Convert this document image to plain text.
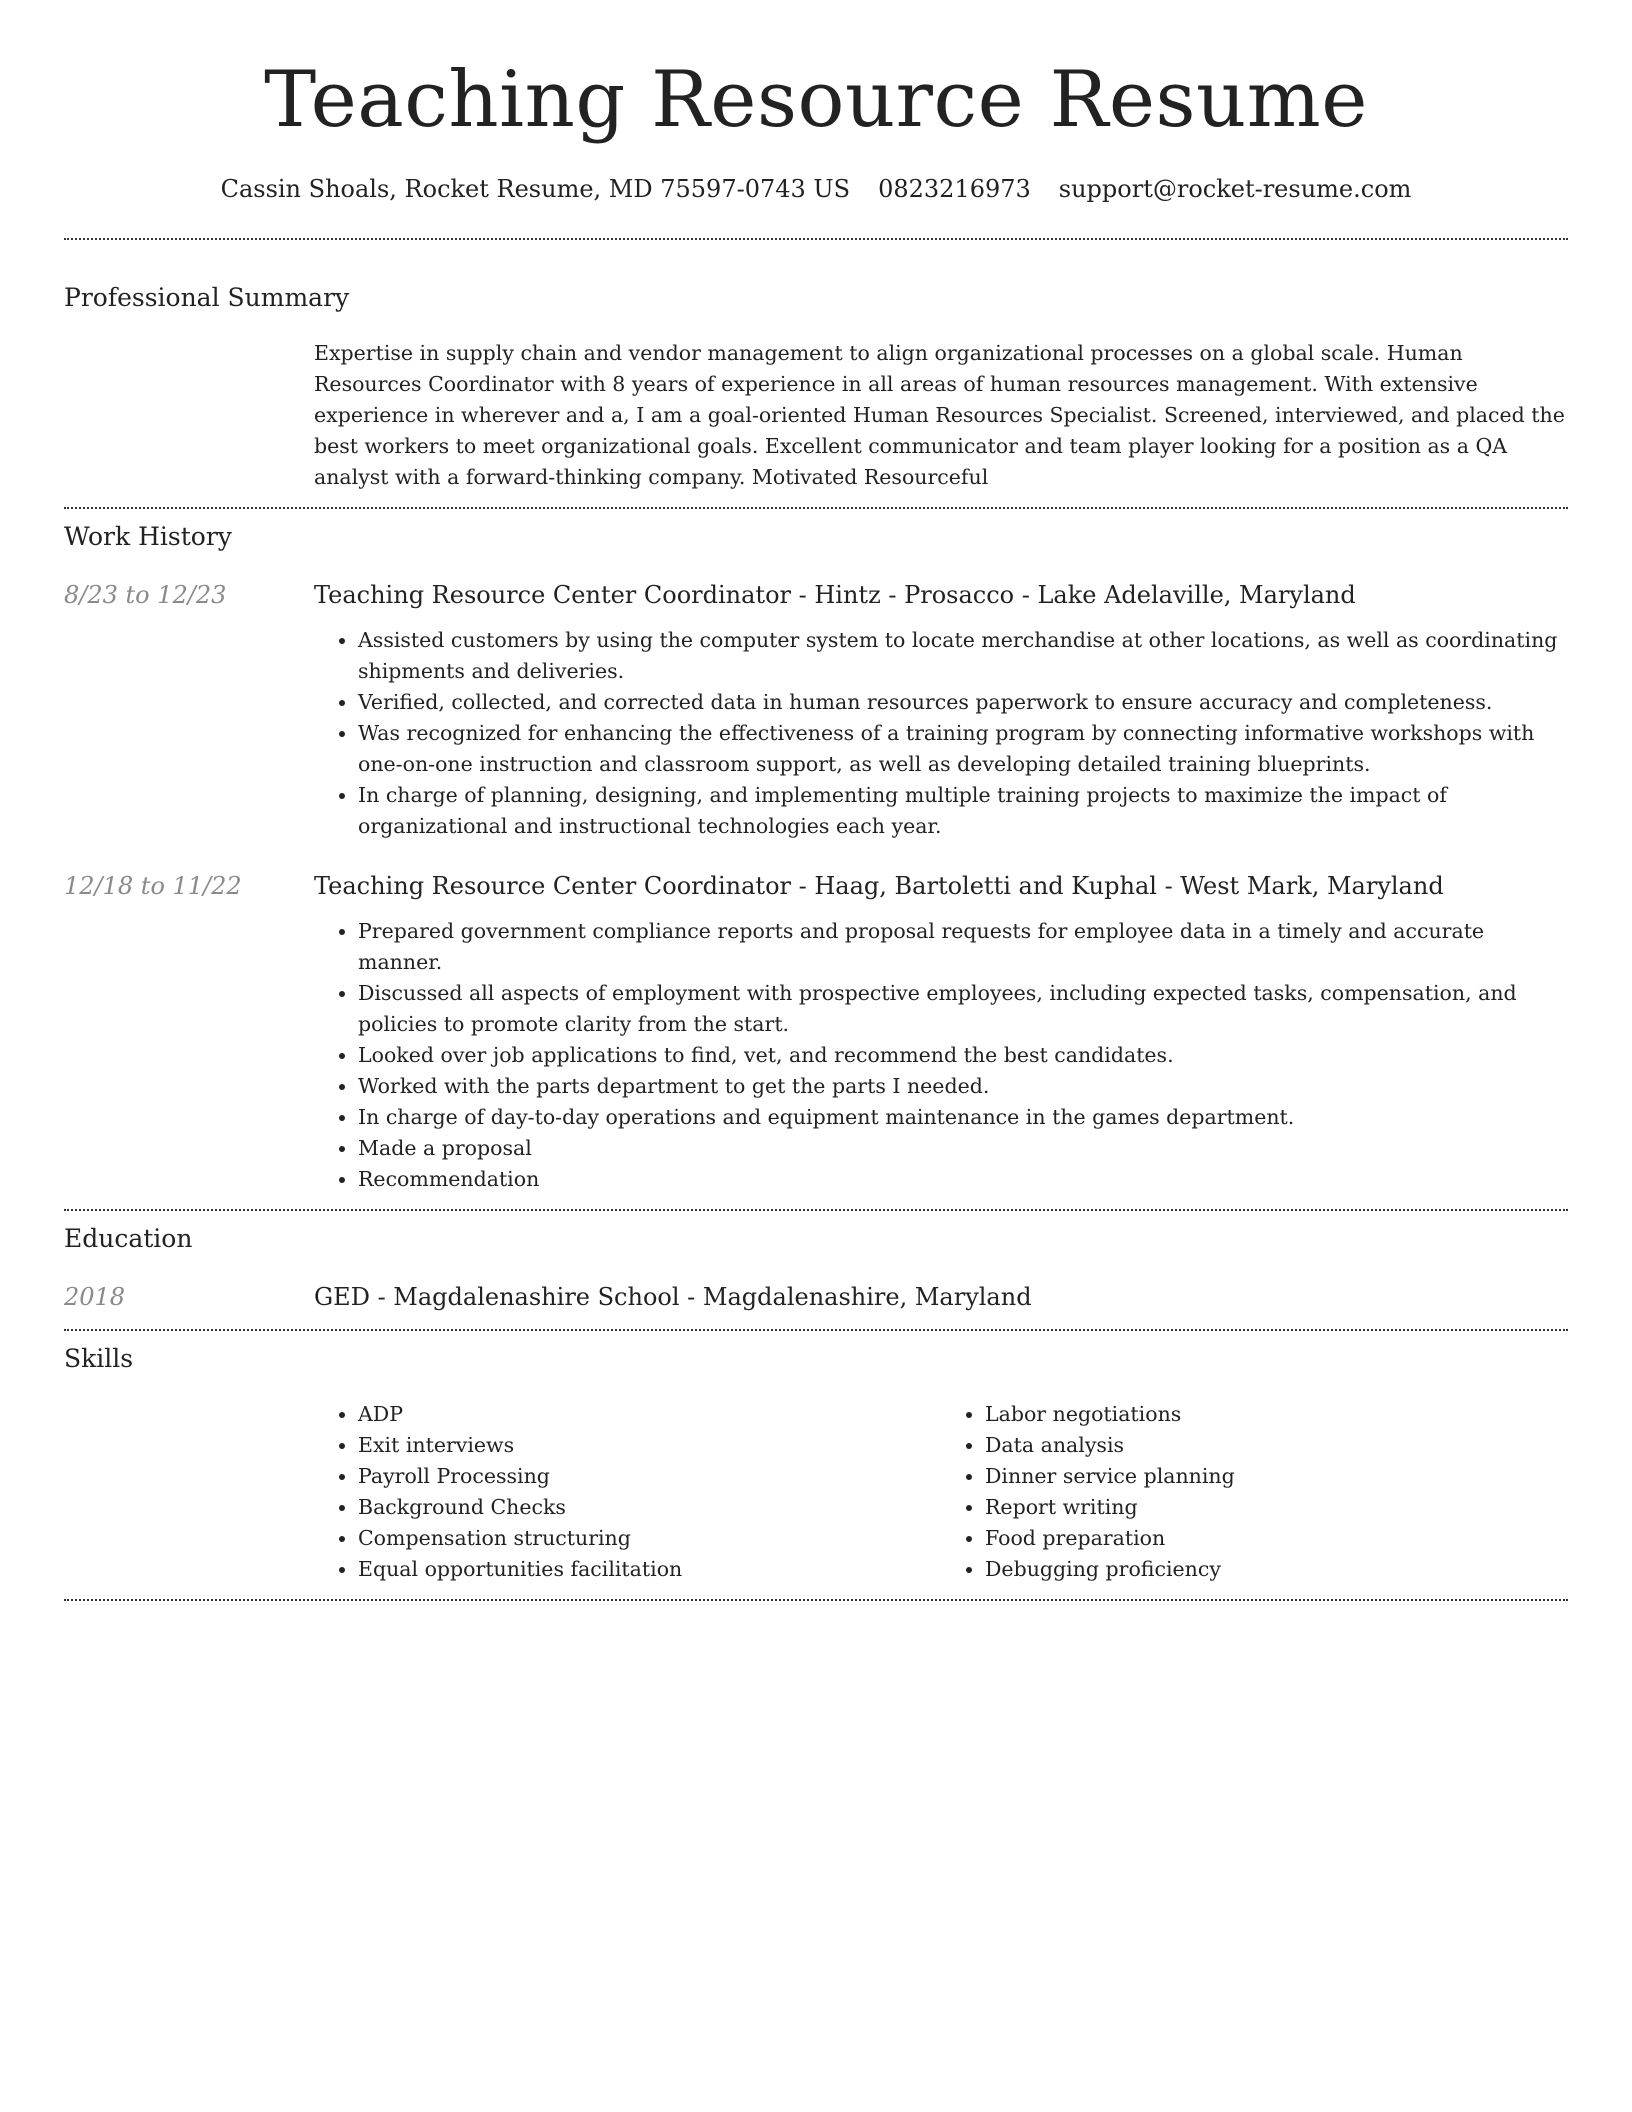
Teaching Resource Resume
Cassin Shoals, Rocket Resume, MD 75597-0743 US 0823216973 support@rocket-resume.com
Professional Summary

Expertise in supply chain and vendor management to align organizational processes on a global scale. Human Resources Coordinator with 8 years of experience in all areas of human resources management. With extensive experience in wherever and a, I am a goal-oriented Human Resources Specialist. Screened, interviewed, and placed the best workers to meet organizational goals. Excellent communicator and team player looking for a position as a QA analyst with a forward-thinking company. Motivated Resourceful

Work History
8/23 to 12/23	Teaching Resource Center Coordinator - Hintz - Prosacco - Lake Adelaville, Maryland
• Assisted customers by using the computer system to locate merchandise at other locations, as well as coordinating shipments and deliveries.
• Verified, collected, and corrected data in human resources paperwork to ensure accuracy and completeness.
• Was recognized for enhancing the effectiveness of a training program by connecting informative workshops with one-on-one instruction and classroom support, as well as developing detailed training blueprints.
• In charge of planning, designing, and implementing multiple training projects to maximize the impact of organizational and instructional technologies each year.
12/18 to 11/22	Teaching Resource Center Coordinator - Haag, Bartoletti and Kuphal - West Mark, Maryland
• Prepared government compliance reports and proposal requests for employee data in a timely and accurate manner.
• Discussed all aspects of employment with prospective employees, including expected tasks, compensation, and policies to promote clarity from the start.
• Looked over job applications to find, vet, and recommend the best candidates.
• Worked with the parts department to get the parts I needed.
• In charge of day-to-day operations and equipment maintenance in the games department.
• Made a proposal
• Recommendation
Education
2018	GED - Magdalenashire School - Magdalenashire, Maryland
Skills
• ADP
• Exit interviews
• Payroll Processing
• Background Checks
• Compensation structuring
• Equal opportunities facilitation
• Labor negotiations
• Data analysis
• Dinner service planning
• Report writing
• Food preparation
• Debugging proficiency
